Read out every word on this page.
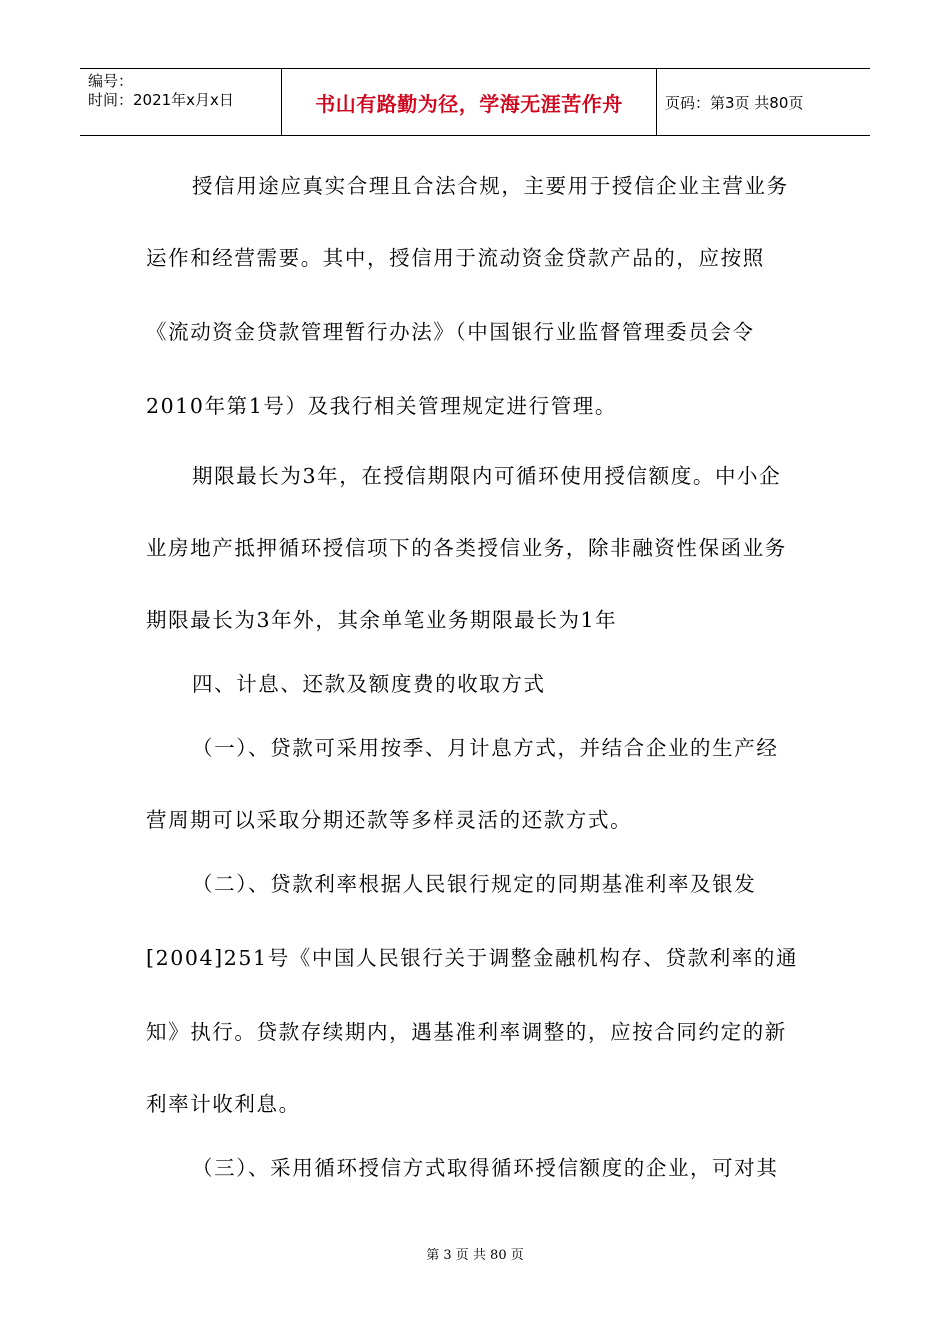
编号：
时间：2021年x月x日	书山有路勤为径，学海无涯苦作舟	页码：第3页 共80页

授信用途应真实合理且合法合规，主要用于授信企业主营业务

运作和经营需要。其中，授信用于流动资金贷款产品的，应按照

《流动资金贷款管理暂行办法》（中国银行业监督管理委员会令

2010年第1号）及我行相关管理规定进行管理。

期限最长为3年，在授信期限内可循环使用授信额度。中小企

业房地产抵押循环授信项下的各类授信业务，除非融资性保函业务

期限最长为3年外，其余单笔业务期限最长为1年

四、计息、还款及额度费的收取方式

（一）、贷款可采用按季、月计息方式，并结合企业的生产经

营周期可以采取分期还款等多样灵活的还款方式。

（二）、贷款利率根据人民银行规定的同期基准利率及银发

[2004]251号《中国人民银行关于调整金融机构存、贷款利率的通

知》执行。贷款存续期内，遇基准利率调整的，应按合同约定的新

利率计收利息。

（三）、采用循环授信方式取得循环授信额度的企业，可对其

第 3 页 共 80 页
